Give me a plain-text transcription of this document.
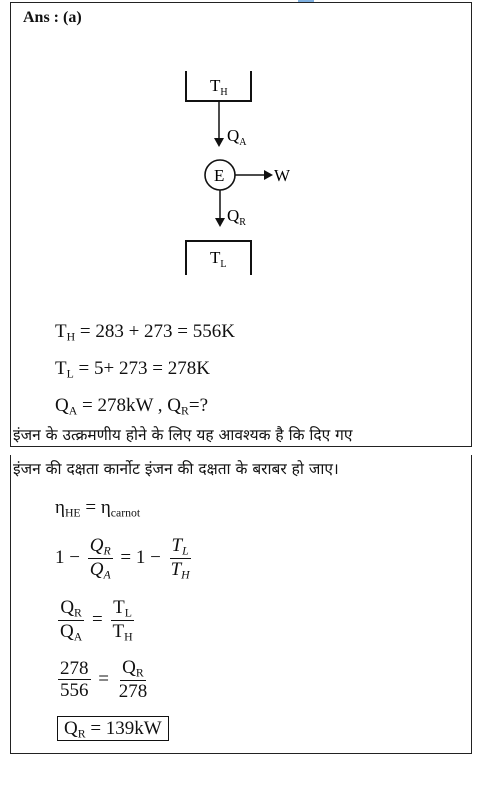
Ans : (a)
$T_H$
$Q_A$
E	W
$Q_R$
$T_L$
$T_H = 283 + 273 = 556K$
$T_L = 5+ 273 = 278K$
$Q_A = 278kW$ , $Q_R=$?
इंजन के उत्क्रमणीय होने के लिए यह आवश्यक है कि दिए गए
इंजन की दक्षता कार्नोट इंजन की दक्षता के बराबर हो जाए।
$\eta_{HE} = \eta_{carnot}$
$1 - \frac{Q_R}{Q_A} = 1 - \frac{T_L}{T_H}$
$\frac{Q_R}{Q_A} = \frac{T_L}{T_H}$
$\frac{278}{556} = \frac{Q_R}{278}$
$Q_R = 139kW$
